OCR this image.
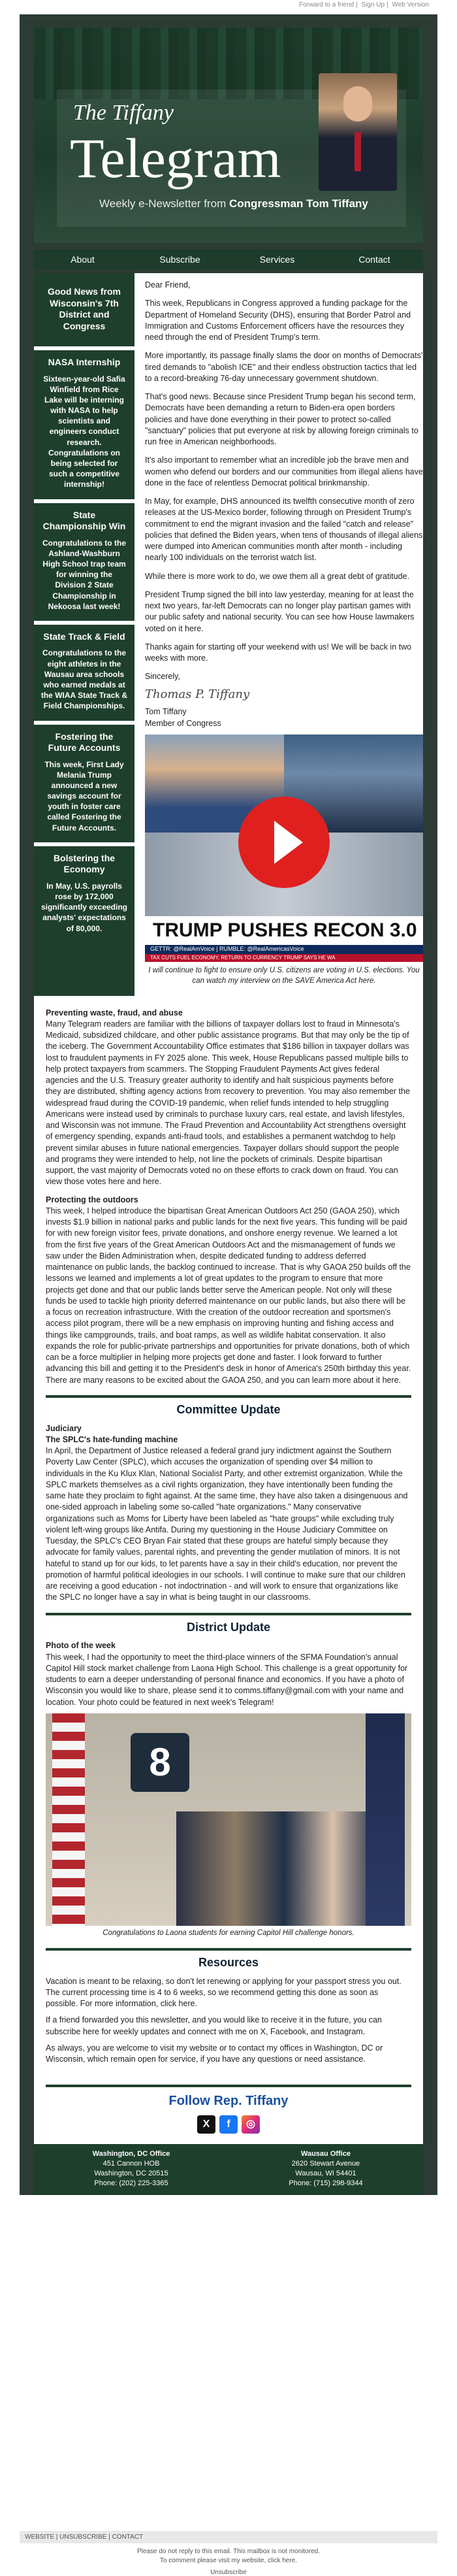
Forward to a friend | Sign Up | Web Version
The Tiffany
Telegram
Weekly e-Newsletter from Congressman Tom Tiffany
About	Subscribe	Services	Contact
Good News from Wisconsin's 7th District and Congress
NASA Internship

Sixteen-year-old Safia Winfield from Rice Lake will be interning with NASA to help scientists and engineers conduct research. Congratulations on being selected for such a competitive internship!

State Championship Win

Congratulations to the Ashland-Washburn High School trap team for winning the Division 2 State Championship in Nekoosa last week!

State Track & Field

Congratulations to the eight athletes in the Wausau area schools who earned medals at the WIAA State Track & Field Championships.

Fostering the Future Accounts

This week, First Lady Melania Trump announced a new savings account for youth in foster care called Fostering the Future Accounts.

Bolstering the Economy

In May, U.S. payrolls rose by 172,000 significantly exceeding analysts' expectations of 80,000.

Dear Friend,

This week, Republicans in Congress approved a funding package for the Department of Homeland Security (DHS), ensuring that Border Patrol and Immigration and Customs Enforcement officers have the resources they need through the end of President Trump's term.

More importantly, its passage finally slams the door on months of Democrats' tired demands to "abolish ICE" and their endless obstruction tactics that led to a record-breaking 76-day unnecessary government shutdown.

That's good news. Because since President Trump began his second term, Democrats have been demanding a return to Biden-era open borders policies and have done everything in their power to protect so-called "sanctuary" policies that put everyone at risk by allowing foreign criminals to run free in American neighborhoods.

It's also important to remember what an incredible job the brave men and women who defend our borders and our communities from illegal aliens have done in the face of relentless Democrat political brinkmanship.

In May, for example, DHS announced its twelfth consecutive month of zero releases at the US-Mexico border, following through on President Trump's commitment to end the migrant invasion and the failed "catch and release" policies that defined the Biden years, when tens of thousands of illegal aliens were dumped into American communities month after month - including nearly 100 individuals on the terrorist watch list.

While there is more work to do, we owe them all a great debt of gratitude.

President Trump signed the bill into law yesterday, meaning for at least the next two years, far-left Democrats can no longer play partisan games with our public safety and national security. You can see how House lawmakers voted on it here.

Thanks again for starting off your weekend with us! We will be back in two weeks with more.

Sincerely,

Thomas P. Tiffany
Tom Tiffany
Member of Congress
TRUMP PUSHES RECON 3.0
GETTR: @RealAmVoice | RUMBLE: @RealAmericasVoice
TAX CUTS FUEL ECONOMY, RETURN TO CURRENCY TRUMP SAYS HE WA
I will continue to fight to ensure only U.S. citizens are voting in U.S. elections. You can watch my interview on the SAVE America Act here.
Preventing waste, fraud, and abuse

Many Telegram readers are familiar with the billions of taxpayer dollars lost to fraud in Minnesota's Medicaid, subsidized childcare, and other public assistance programs. But that may only be the tip of the iceberg. The Government Accountability Office estimates that $186 billion in taxpayer dollars was lost to fraudulent payments in FY 2025 alone. This week, House Republicans passed multiple bills to help protect taxpayers from scammers. The Stopping Fraudulent Payments Act gives federal agencies and the U.S. Treasury greater authority to identify and halt suspicious payments before they are distributed, shifting agency actions from recovery to prevention. You may also remember the widespread fraud during the COVID-19 pandemic, when relief funds intended to help struggling Americans were instead used by criminals to purchase luxury cars, real estate, and lavish lifestyles, and Wisconsin was not immune. The Fraud Prevention and Accountability Act strengthens oversight of emergency spending, expands anti-fraud tools, and establishes a permanent watchdog to help prevent similar abuses in future national emergencies. Taxpayer dollars should support the people and programs they were intended to help, not line the pockets of criminals. Despite bipartisan support, the vast majority of Democrats voted no on these efforts to crack down on fraud. You can view those votes here and here.

Protecting the outdoors

This week, I helped introduce the bipartisan Great American Outdoors Act 250 (GAOA 250), which invests $1.9 billion in national parks and public lands for the next five years. This funding will be paid for with new foreign visitor fees, private donations, and onshore energy revenue. We learned a lot from the first five years of the Great American Outdoors Act and the mismanagement of funds we saw under the Biden Administration when, despite dedicated funding to address deferred maintenance on public lands, the backlog continued to increase. That is why GAOA 250 builds off the lessons we learned and implements a lot of great updates to the program to ensure that more projects get done and that our public lands better serve the American people. Not only will these funds be used to tackle high priority deferred maintenance on our public lands, but also there will be a focus on recreation infrastructure. With the creation of the outdoor recreation and sportsmen's access pilot program, there will be a new emphasis on improving hunting and fishing access and things like campgrounds, trails, and boat ramps, as well as wildlife habitat conservation. It also expands the role for public-private partnerships and opportunities for private donations, both of which can be a force multiplier in helping more projects get done and faster. I look forward to further advancing this bill and getting it to the President's desk in honor of America's 250th birthday this year. There are many reasons to be excited about the GAOA 250, and you can learn more about it here.

Committee Update
Judiciary
The SPLC's hate-funding machine

In April, the Department of Justice released a federal grand jury indictment against the Southern Poverty Law Center (SPLC), which accuses the organization of spending over $4 million to individuals in the Ku Klux Klan, National Socialist Party, and other extremist organization. While the SPLC markets themselves as a civil rights organization, they have intentionally been funding the same hate they proclaim to fight against. At the same time, they have also taken a disingenuous and one-sided approach in labeling some so-called "hate organizations." Many conservative organizations such as Moms for Liberty have been labeled as "hate groups" while excluding truly violent left-wing groups like Antifa. During my questioning in the House Judiciary Committee on Tuesday, the SPLC's CEO Bryan Fair stated that these groups are hateful simply because they advocate for family values, parental rights, and preventing the gender mutilation of minors. It is not hateful to stand up for our kids, to let parents have a say in their child's education, nor prevent the promotion of harmful political ideologies in our schools. I will continue to make sure that our children are receiving a good education - not indoctrination - and will work to ensure that organizations like the SPLC no longer have a say in what is being taught in our classrooms.

District Update
Photo of the week

This week, I had the opportunity to meet the third-place winners of the SFMA Foundation's annual Capitol Hill stock market challenge from Laona High School. This challenge is a great opportunity for students to earn a deeper understanding of personal finance and economics. If you have a photo of Wisconsin you would like to share, please send it to comms.tiffany@gmail.com with your name and location. Your photo could be featured in next week's Telegram!

8
Congratulations to Laona students for earning Capitol Hill challenge honors.
Resources

Vacation is meant to be relaxing, so don't let renewing or applying for your passport stress you out. The current processing time is 4 to 6 weeks, so we recommend getting this done as soon as possible. For more information, click here.

If a friend forwarded you this newsletter, and you would like to receive it in the future, you can subscribe here for weekly updates and connect with me on X, Facebook, and Instagram.

As always, you are welcome to visit my website or to contact my offices in Washington, DC or Wisconsin, which remain open for service, if you have any questions or need assistance.

Follow Rep. Tiffany
X	f	◎
Washington, DC Office
451 Cannon HOB
Washington, DC 20515
Phone: (202) 225-3365
Wausau Office
2620 Stewart Avenue
Wausau, WI 54401
Phone: (715) 298-9344
WEBSITE | UNSUBSCRIBE | CONTACT
Please do not reply to this email. This mailbox is not monitored.
To comment please visit my website, click here.
Unsubscribe
